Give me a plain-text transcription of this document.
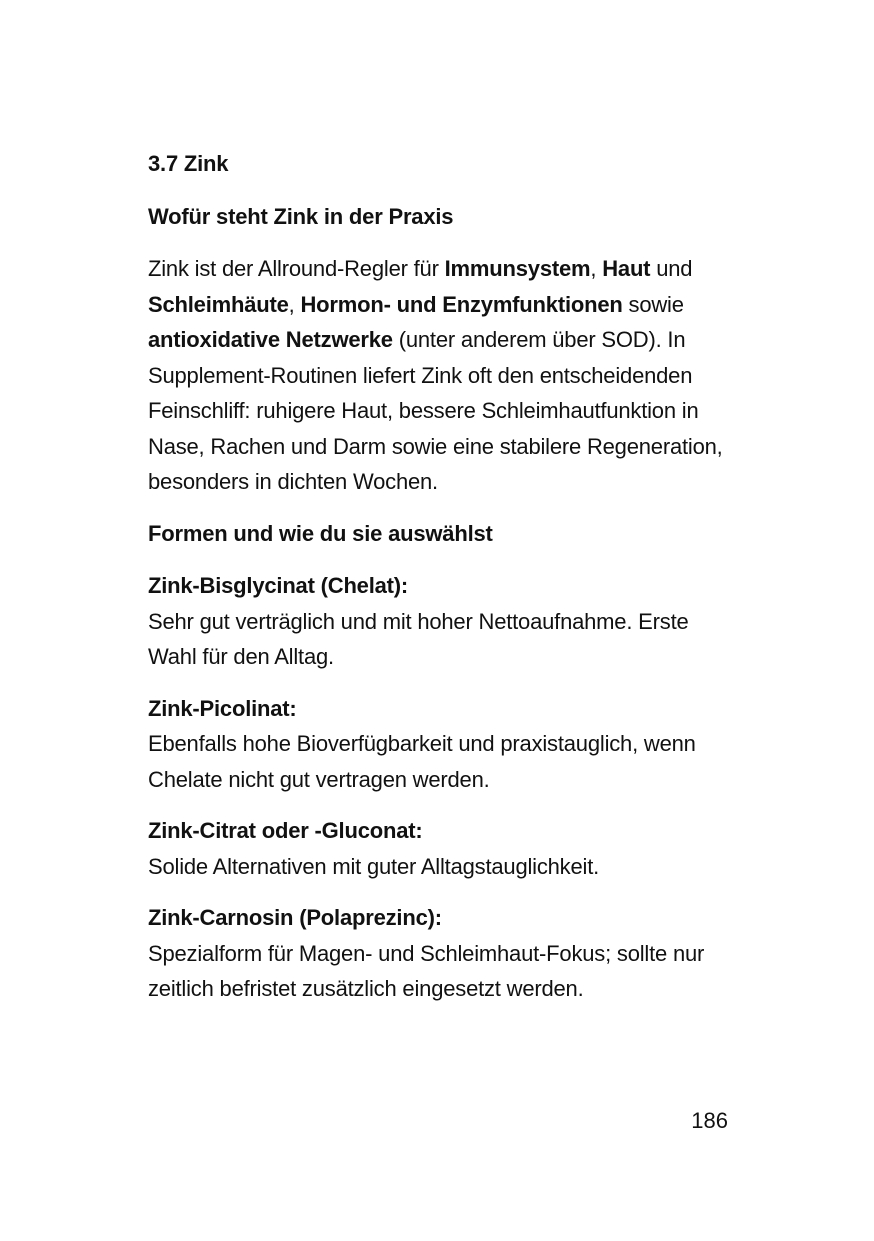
3.7 Zink

Wofür steht Zink in der Praxis

Zink ist der Allround-Regler für Immunsystem, Haut und Schleimhäute, Hormon- und Enzymfunktionen sowie antioxidative Netzwerke (unter anderem über SOD). In Supplement-Routinen liefert Zink oft den entscheidenden Feinschliff: ruhigere Haut, bessere Schleimhautfunktion in Nase, Rachen und Darm sowie eine stabilere Regeneration, besonders in dichten Wochen.

Formen und wie du sie auswählst

Zink-Bisglycinat (Chelat):
Sehr gut verträglich und mit hoher Nettoaufnahme. Erste Wahl für den Alltag.
Zink-Picolinat:
Ebenfalls hohe Bioverfügbarkeit und praxistauglich, wenn Chelate nicht gut vertragen werden.
Zink-Citrat oder -Gluconat:
Solide Alternativen mit guter Alltagstauglichkeit.
Zink-Carnosin (Polaprezinc):
Spezialform für Magen- und Schleimhaut-Fokus; sollte nur zeitlich befristet zusätzlich eingesetzt werden.
186
